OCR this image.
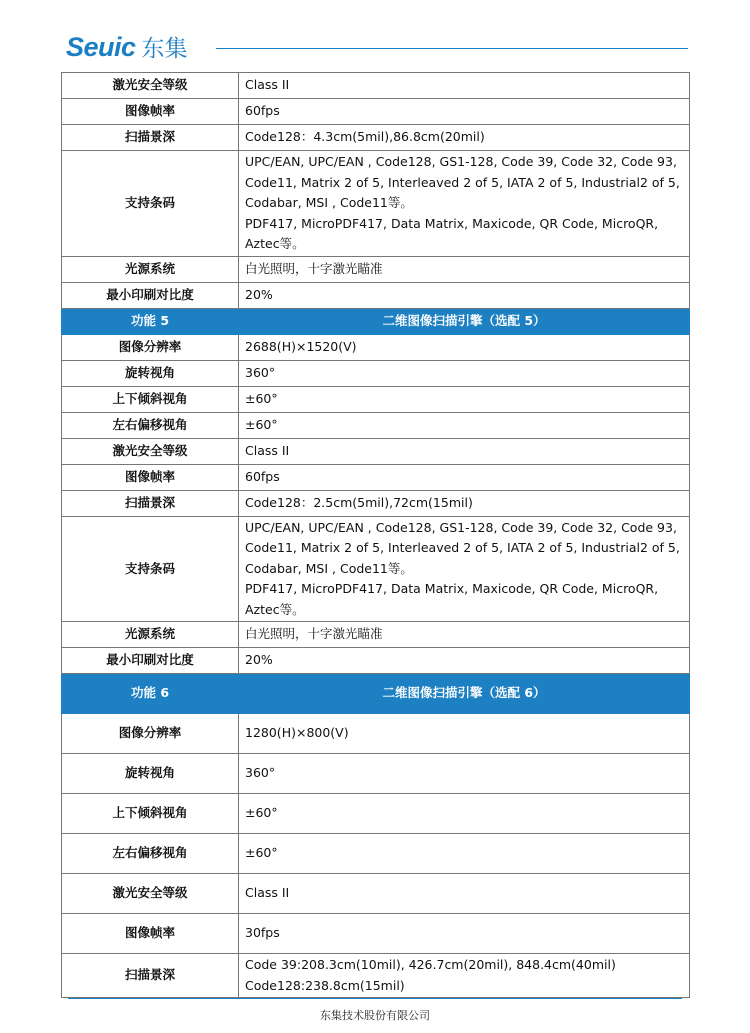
Seuic 东集
激光安全等级	Class II

图像帧率	60fps

扫描景深	Code128：4.3cm(5mil),86.8cm(20mil)

支持条码	UPC/EAN, UPC/EAN , Code128, GS1-128, Code 39, Code 32, Code 93,
Code11, Matrix 2 of 5, Interleaved 2 of 5, IATA 2 of 5, Industrial2 of 5,
Codabar, MSI , Code11等。
PDF417, MicroPDF417, Data Matrix, Maxicode, QR Code, MicroQR,
Aztec等。

光源系统	白光照明，十字激光瞄准

最小印刷对比度	20%

功能 5	二维图像扫描引擎（选配 5）

图像分辨率	2688(H)×1520(V)

旋转视角	360°

上下倾斜视角	±60°

左右偏移视角	±60°

激光安全等级	Class II

图像帧率	60fps

扫描景深	Code128：2.5cm(5mil),72cm(15mil)

支持条码	UPC/EAN, UPC/EAN , Code128, GS1-128, Code 39, Code 32, Code 93,
Code11, Matrix 2 of 5, Interleaved 2 of 5, IATA 2 of 5, Industrial2 of 5,
Codabar, MSI , Code11等。
PDF417, MicroPDF417, Data Matrix, Maxicode, QR Code, MicroQR,
Aztec等。

光源系统	白光照明，十字激光瞄准

最小印刷对比度	20%

功能 6	二维图像扫描引擎（选配 6）

图像分辨率	1280(H)×800(V)

旋转视角	360°

上下倾斜视角	±60°

左右偏移视角	±60°

激光安全等级	Class II

图像帧率	30fps

扫描景深	Code 39:208.3cm(10mil), 426.7cm(20mil), 848.4cm(40mil)
Code128:238.8cm(15mil)
东集技术股份有限公司
